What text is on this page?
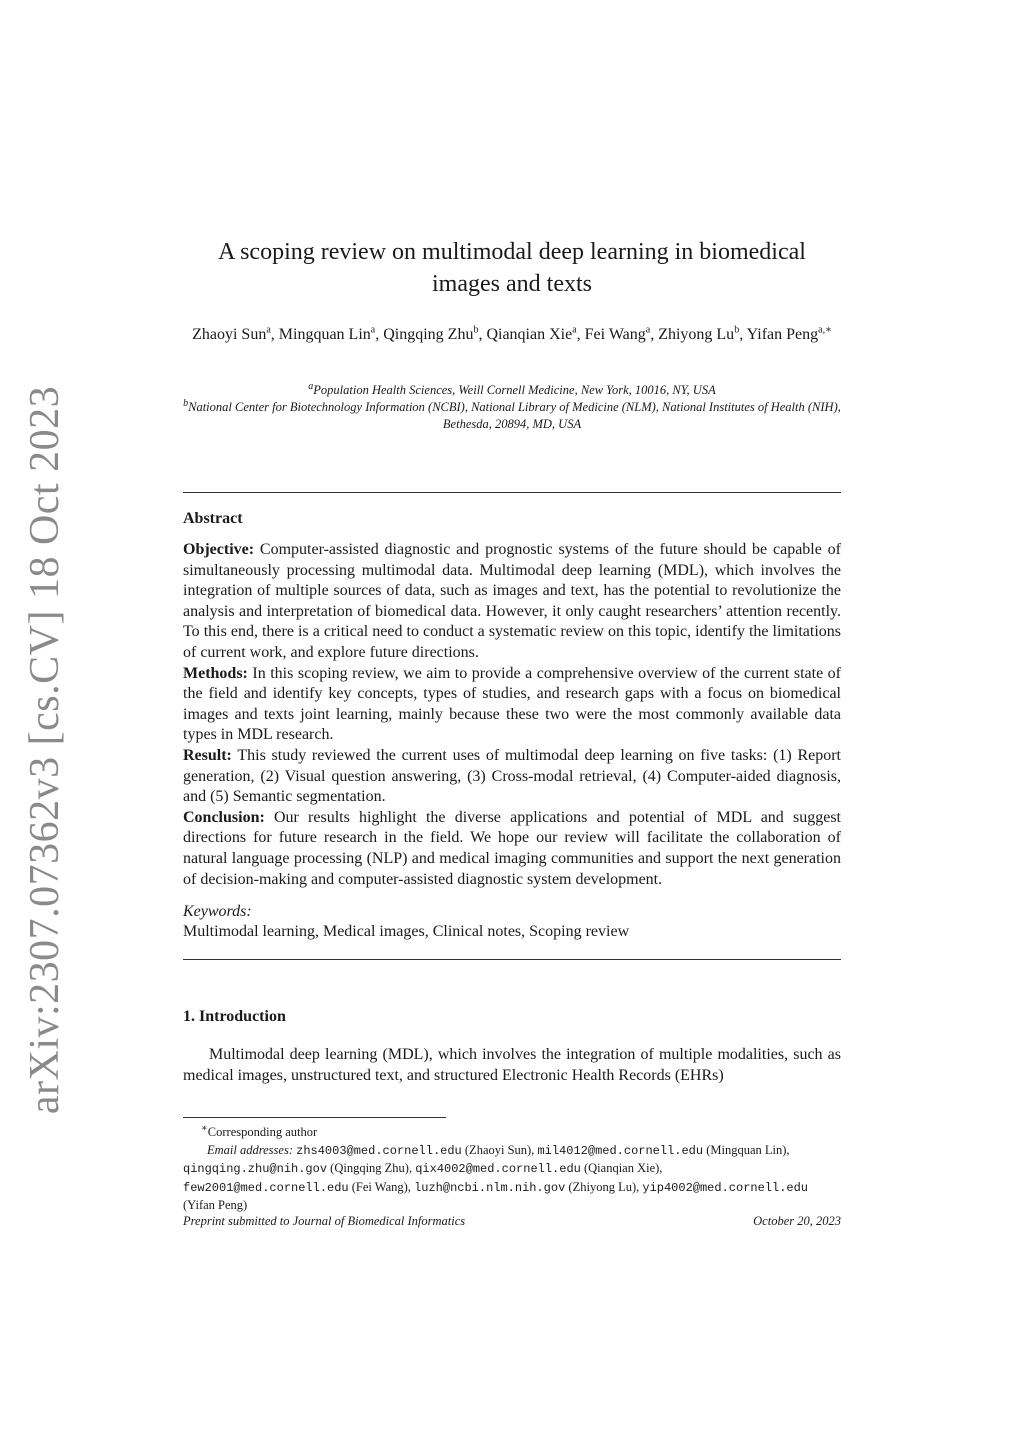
arXiv:2307.07362v3 [cs.CV] 18 Oct 2023
A scoping review on multimodal deep learning in biomedical
images and texts
Zhaoyi Sun$^a$, Mingquan Lin$^a$, Qingqing Zhu$^b$, Qianqian Xie$^a$, Fei Wang$^a$, Zhiyong Lu$^b$, Yifan Peng$^{a,∗}$
$^a$Population Health Sciences, Weill Cornell Medicine, New York, 10016, NY, USA
$^b$National Center for Biotechnology Information (NCBI), National Library of Medicine (NLM), National Institutes of Health (NIH), Bethesda, 20894, MD, USA
Abstract

Objective: Computer-assisted diagnostic and prognostic systems of the future should be capable of simultaneously processing multimodal data. Multimodal deep learning (MDL), which involves the integration of multiple sources of data, such as images and text, has the potential to revolutionize the analysis and interpretation of biomedical data. However, it only caught researchers’ attention recently. To this end, there is a critical need to conduct a systematic review on this topic, identify the limitations of current work, and explore future directions.

Methods: In this scoping review, we aim to provide a comprehensive overview of the current state of the field and identify key concepts, types of studies, and research gaps with a focus on biomedical images and texts joint learning, mainly because these two were the most commonly available data types in MDL research.

Result: This study reviewed the current uses of multimodal deep learning on five tasks: (1) Report generation, (2) Visual question answering, (3) Cross-modal retrieval, (4) Computer-aided diagnosis, and (5) Semantic segmentation.

Conclusion: Our results highlight the diverse applications and potential of MDL and suggest directions for future research in the field. We hope our review will facilitate the collaboration of natural language processing (NLP) and medical imaging communities and support the next generation of decision-making and computer-assisted diagnostic system development.

Keywords:
Multimodal learning, Medical images, Clinical notes, Scoping review
1. Introduction

Multimodal deep learning (MDL), which involves the integration of multiple modalities, such as medical images, unstructured text, and structured Electronic Health Records (EHRs)

∗Corresponding author

Email addresses: zhs4003@med.cornell.edu (Zhaoyi Sun), mil4012@med.cornell.edu (Mingquan Lin), qingqing.zhu@nih.gov (Qingqing Zhu), qix4002@med.cornell.edu (Qianqian Xie),
few2001@med.cornell.edu (Fei Wang), luzh@ncbi.nlm.nih.gov (Zhiyong Lu), yip4002@med.cornell.edu
(Yifan Peng)

Preprint submitted to Journal of Biomedical Informatics	October 20, 2023
